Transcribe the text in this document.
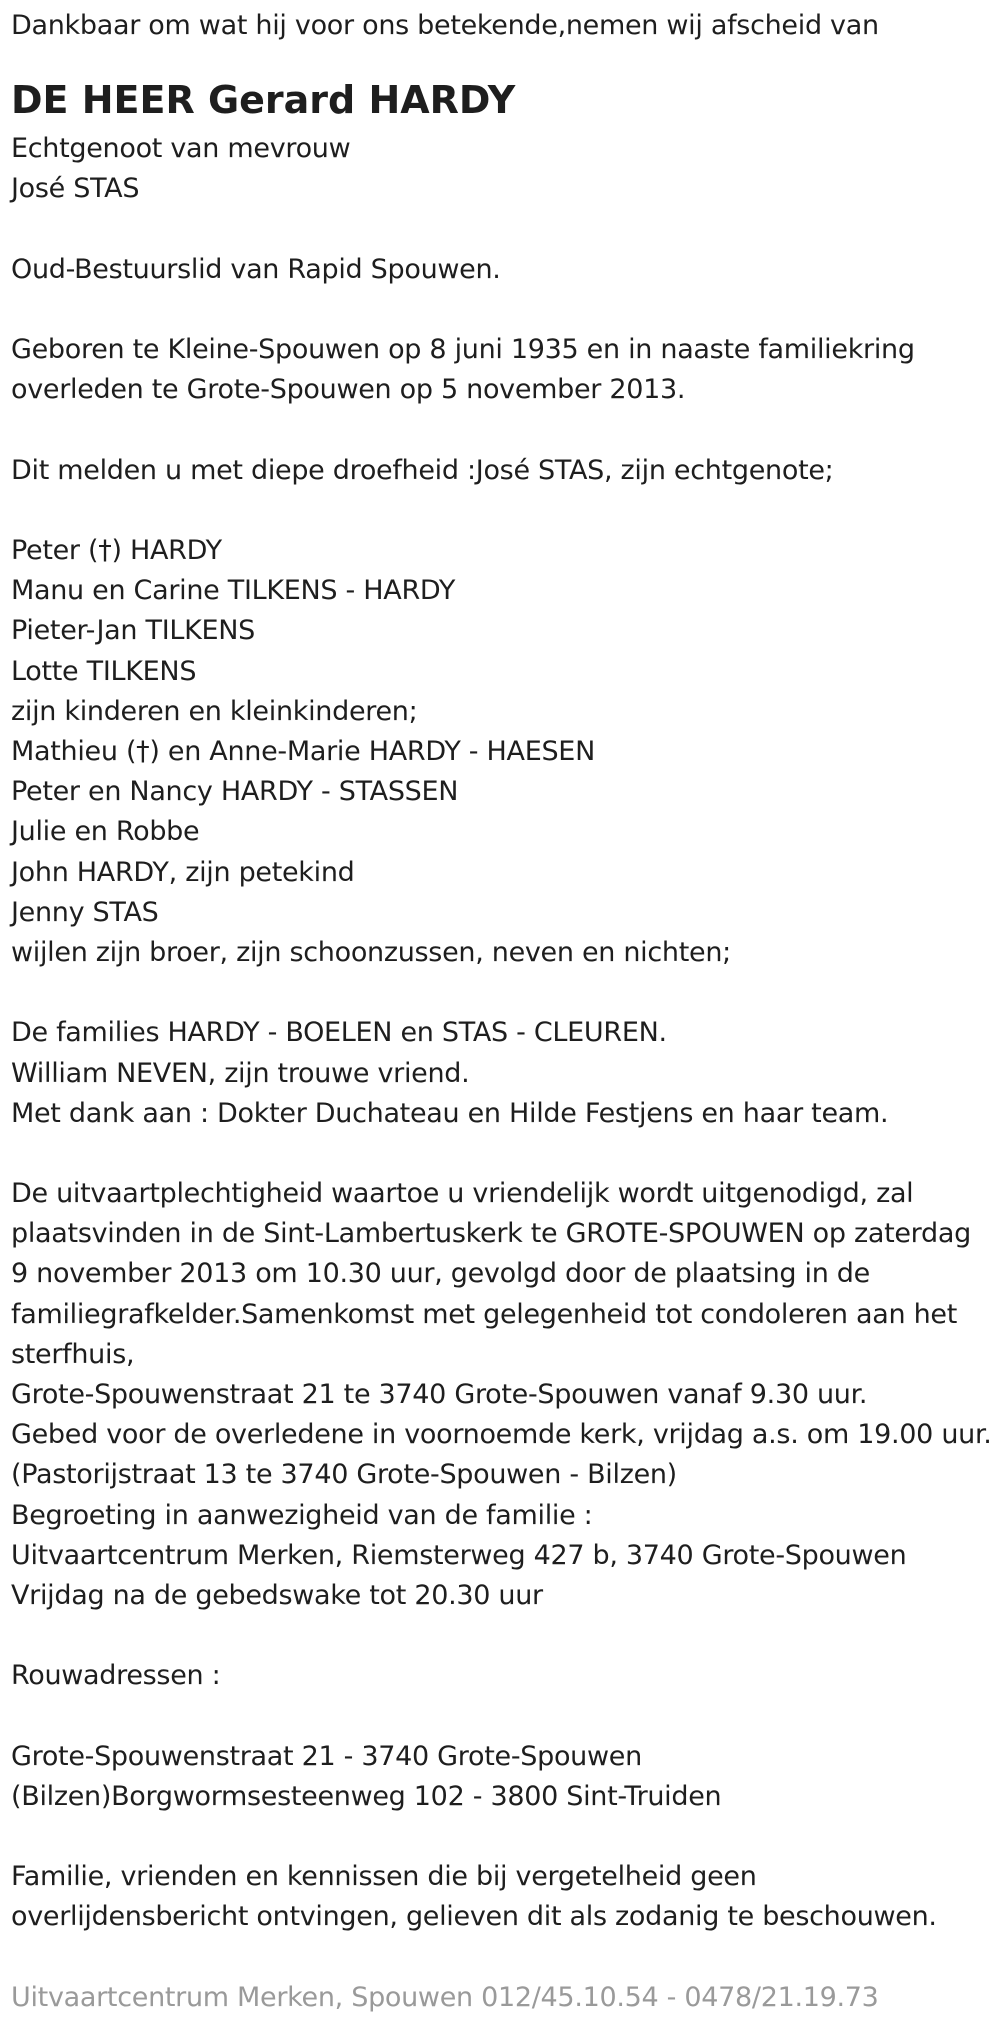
Dankbaar om wat hij voor ons betekende,nemen wij afscheid van
DE HEER Gerard HARDY
Echtgenoot van mevrouw
José STAS
Oud-Bestuurslid van Rapid Spouwen.
Geboren te Kleine-Spouwen op 8 juni 1935 en in naaste familiekring
overleden te Grote-Spouwen op 5 november 2013.
Dit melden u met diepe droefheid :José STAS, zijn echtgenote;
Peter (†) HARDY
Manu en Carine TILKENS - HARDY
Pieter-Jan TILKENS
Lotte TILKENS
zijn kinderen en kleinkinderen;
Mathieu (†) en Anne-Marie HARDY - HAESEN
Peter en Nancy HARDY - STASSEN
Julie en Robbe
John HARDY, zijn petekind
Jenny STAS
wijlen zijn broer, zijn schoonzussen, neven en nichten;
De families HARDY - BOELEN en STAS - CLEUREN.
William NEVEN, zijn trouwe vriend.
Met dank aan : Dokter Duchateau en Hilde Festjens en haar team.
De uitvaartplechtigheid waartoe u vriendelijk wordt uitgenodigd, zal
plaatsvinden in de Sint-Lambertuskerk te GROTE-SPOUWEN op zaterdag
9 november 2013 om 10.30 uur, gevolgd door de plaatsing in de
familiegrafkelder.Samenkomst met gelegenheid tot condoleren aan het
sterfhuis,
Grote-Spouwenstraat 21 te 3740 Grote-Spouwen vanaf 9.30 uur.
Gebed voor de overledene in voornoemde kerk, vrijdag a.s. om 19.00 uur.
(Pastorijstraat 13 te 3740 Grote-Spouwen - Bilzen)
Begroeting in aanwezigheid van de familie :
Uitvaartcentrum Merken, Riemsterweg 427 b, 3740 Grote-Spouwen
Vrijdag na de gebedswake tot 20.30 uur
Rouwadressen :
Grote-Spouwenstraat 21 - 3740 Grote-Spouwen
(Bilzen)Borgwormsesteenweg 102 - 3800 Sint-Truiden
Familie, vrienden en kennissen die bij vergetelheid geen
overlijdensbericht ontvingen, gelieven dit als zodanig te beschouwen.
Uitvaartcentrum Merken, Spouwen 012/45.10.54 - 0478/21.19.73
